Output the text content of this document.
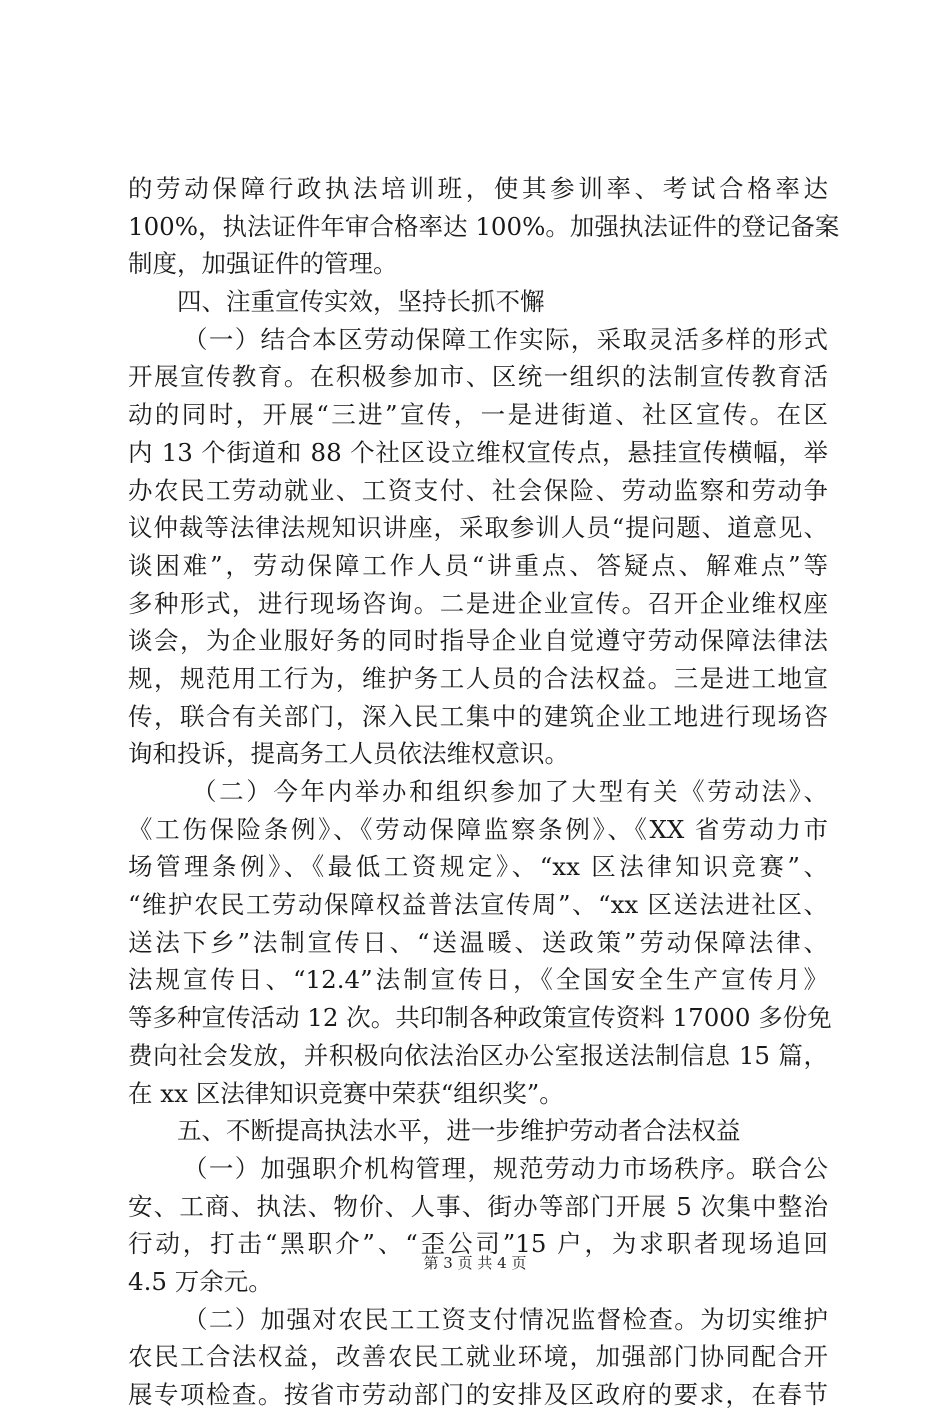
的劳动保障行政执法培训班，使其参训率、考试合格率达
100%，执法证件年审合格率达 100%。加强执法证件的登记备案
制度，加强证件的管理。
四、注重宣传实效，坚持长抓不懈
（一）结合本区劳动保障工作实际，采取灵活多样的形式
开展宣传教育。在积极参加市、区统一组织的法制宣传教育活
动的同时，开展“三进”宣传，一是进街道、社区宣传。在区
内 13 个街道和 88 个社区设立维权宣传点，悬挂宣传横幅，举
办农民工劳动就业、工资支付、社会保险、劳动监察和劳动争
议仲裁等法律法规知识讲座，采取参训人员“提问题、道意见、
谈困难”，劳动保障工作人员“讲重点、答疑点、解难点”等
多种形式，进行现场咨询。二是进企业宣传。召开企业维权座
谈会，为企业服好务的同时指导企业自觉遵守劳动保障法律法
规，规范用工行为，维护务工人员的合法权益。三是进工地宣
传，联合有关部门，深入民工集中的建筑企业工地进行现场咨
询和投诉，提高务工人员依法维权意识。
（二）今年内举办和组织参加了大型有关《劳动法》、
《工伤保险条例》、《劳动保障监察条例》、《XX 省劳动力市
场管理条例》、《最低工资规定》、“xx 区法律知识竞赛”、
“维护农民工劳动保障权益普法宣传周”、“xx 区送法进社区、
送法下乡”法制宣传日、“送温暖、送政策”劳动保障法律、
法规宣传日、“12.4”法制宣传日，《全国安全生产宣传月》
等多种宣传活动 12 次。共印制各种政策宣传资料 17000 多份免
费向社会发放，并积极向依法治区办公室报送法制信息 15 篇，
在 xx 区法律知识竞赛中荣获“组织奖”。
五、不断提高执法水平，进一步维护劳动者合法权益
（一）加强职介机构管理，规范劳动力市场秩序。联合公
安、工商、执法、物价、人事、街办等部门开展 5 次集中整治
行动，打击“黑职介”、“歪公司”15 户，为求职者现场追回
4.5 万余元。
（二）加强对农民工工资支付情况监督检查。为切实维护
农民工合法权益，改善农民工就业环境，加强部门协同配合开
展专项检查。按省市劳动部门的安排及区政府的要求，在春节
第 3 页 共 4 页
